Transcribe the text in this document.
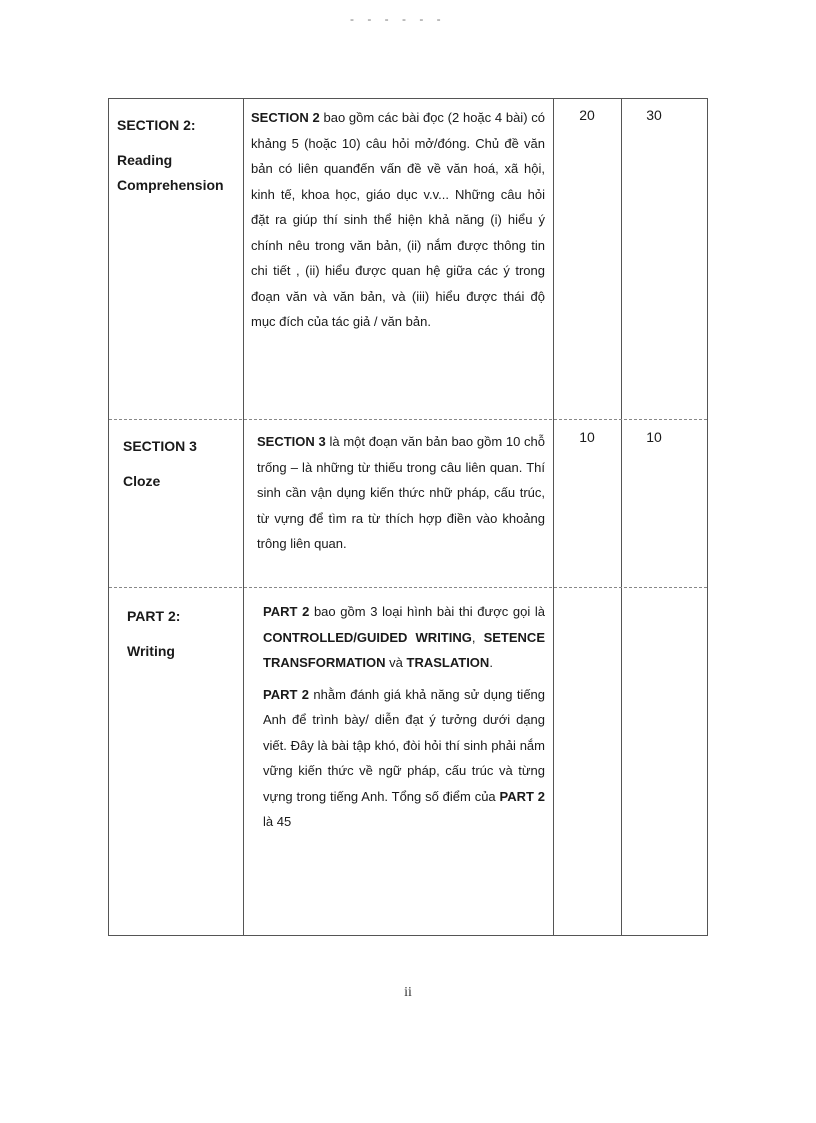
- - - - - -
SECTION 2:
Reading
Comprehension

SECTION 2 bao gồm các bài đọc (2 hoặc 4 bài) có khảng 5 (hoặc 10) câu hỏi mở/đóng. Chủ đề văn bản có liên quanđến vấn đề về văn hoá, xã hội, kinh tế, khoa học, giáo dục v.v... Những câu hỏi đặt ra giúp thí sinh thể hiện khả năng (i) hiểu ý chính nêu trong văn bản, (ii) nắm được thông tin chi tiết , (ii) hiểu được quan hệ giữa các ý trong đoạn văn và văn bản, và (iii) hiểu được thái độ mục đích của tác giả / văn bản.

20	30
SECTION 3
Cloze

SECTION 3 là một đoạn văn bản bao gồm 10 chỗ trống – là những từ thiếu trong câu liên quan. Thí sinh cần vận dụng kiến thức nhữ pháp, cấu trúc, từ vựng để tìm ra từ thích hợp điền vào khoảng trông liên quan.

10	10
PART 2:
Writing

PART 2 bao gồm 3 loại hình bài thi được gọi là CONTROLLED/GUIDED WRITING, SETENCE TRANSFORMATION và TRASLATION.

PART 2 nhằm đánh giá khả năng sử dụng tiếng Anh để trình bày/ diễn đạt ý tưởng dưới dạng viết. Đây là bài tập khó, đòi hỏi thí sinh phải nắm vững kiến thức về ngữ pháp, cấu trúc và từng vựng trong tiếng Anh. Tổng số điểm của PART 2 là 45

ii
